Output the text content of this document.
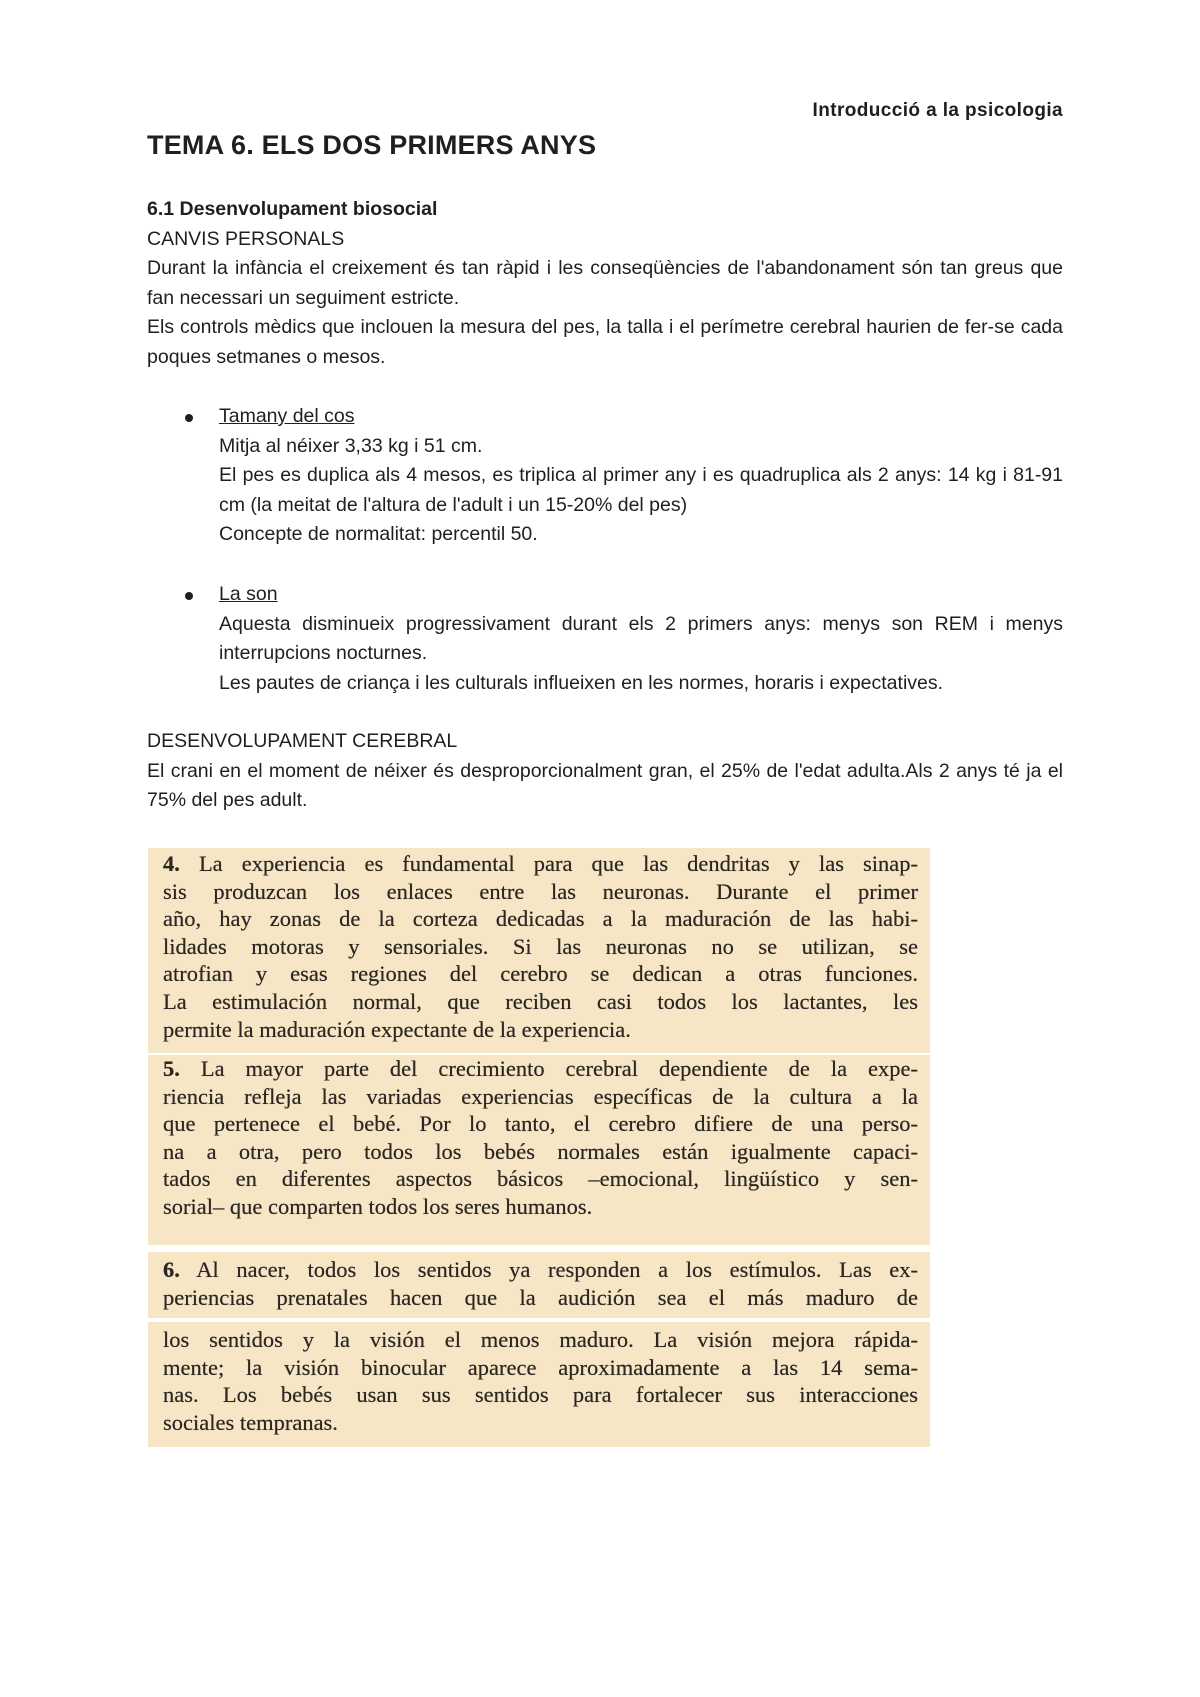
Introducció a la psicologia
TEMA 6. ELS DOS PRIMERS ANYS
6.1 Desenvolupament biosocial
CANVIS PERSONALS
Durant la infància el creixement és tan ràpid i les conseqüències de l'abandonament són tan greus que fan necessari un seguiment estricte.
Els controls mèdics que inclouen la mesura del pes, la talla i el perímetre cerebral haurien de fer-se cada poques setmanes o mesos.
Tamany del cos
Mitja al néixer 3,33 kg i 51 cm.
El pes es duplica als 4 mesos, es triplica al primer any i es quadruplica als 2 anys: 14 kg i 81-91 cm (la meitat de l'altura de l'adult i un 15-20% del pes)
Concepte de normalitat: percentil 50.
La son
Aquesta disminueix progressivament durant els 2 primers anys: menys son REM i menys interrupcions nocturnes.
Les pautes de criança i les culturals influeixen en les normes, horaris i expectatives.
DESENVOLUPAMENT CEREBRAL
El crani en el moment de néixer és desproporcionalment gran, el 25% de l'edat adulta.Als 2 anys té ja el 75% del pes adult.
4. La experiencia es fundamental para que las dendritas y las sinap-
sis produzcan los enlaces entre las neuronas. Durante el primer
año, hay zonas de la corteza dedicadas a la maduración de las habi-
lidades motoras y sensoriales. Si las neuronas no se utilizan, se
atrofian y esas regiones del cerebro se dedican a otras funciones.
La estimulación normal, que reciben casi todos los lactantes, les
permite la maduración expectante de la experiencia.
5. La mayor parte del crecimiento cerebral dependiente de la expe-
riencia refleja las variadas experiencias específicas de la cultura a la
que pertenece el bebé. Por lo tanto, el cerebro difiere de una perso-
na a otra, pero todos los bebés normales están igualmente capaci-
tados en diferentes aspectos básicos –emocional, lingüístico y sen-
sorial– que comparten todos los seres humanos.
6. Al nacer, todos los sentidos ya responden a los estímulos. Las ex-
periencias prenatales hacen que la audición sea el más maduro de
los sentidos y la visión el menos maduro. La visión mejora rápida-
mente; la visión binocular aparece aproximadamente a las 14 sema-
nas. Los bebés usan sus sentidos para fortalecer sus interacciones
sociales tempranas.
